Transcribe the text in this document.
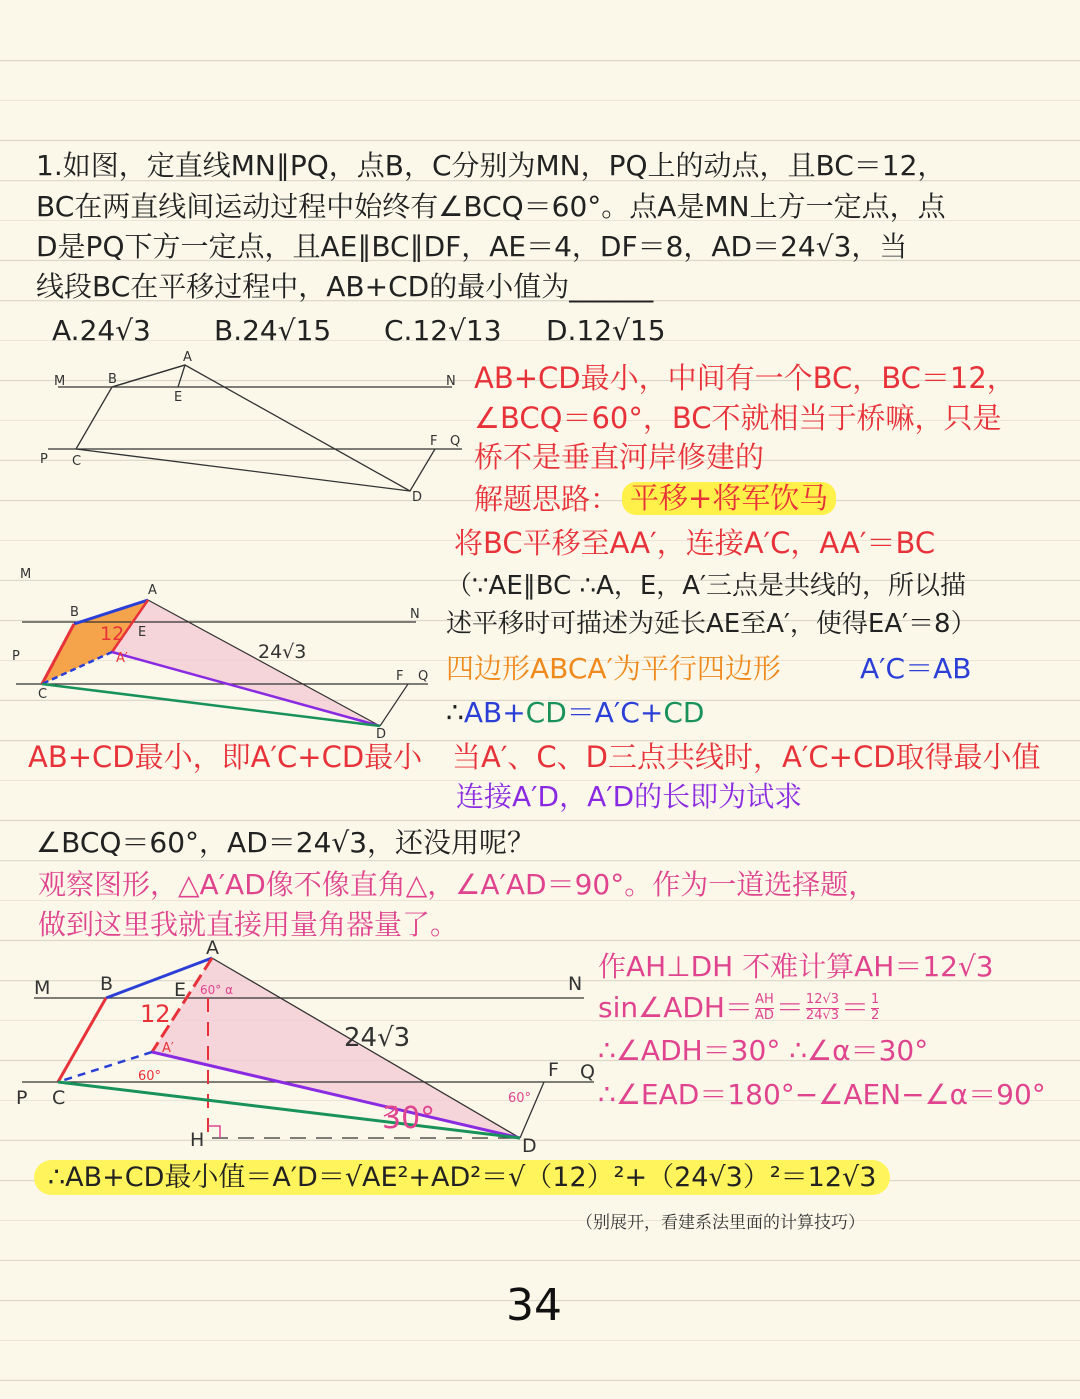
1.如图，定直线MN∥PQ，点B，C分别为MN，PQ上的动点，且BC＝12，
BC在两直线间运动过程中始终有∠BCQ＝60°。点A是MN上方一定点，点
D是PQ下方一定点，且AE∥BC∥DF，AE＝4，DF＝8，AD＝24√3，当
线段BC在平移过程中，AB+CD的最小值为______
A.24√3 B.24√15 C.12√13 D.12√15
M	B
A
E
N
P C
F Q
D
AB+CD最小，中间有一个BC，BC＝12，
∠BCQ＝60°，BC不就相当于桥嘛，只是
桥不是垂直河岸修建的
解题思路： 平移+将军饮马
将BC平移至AA′，连接A′C，AA′＝BC
（∵AE∥BC ∴A，E，A′三点是共线的，所以描
述平移时可描述为延长AE至A′，使得EA′＝8）
四边形ABCA′为平行四边形	A′C＝AB
∴AB+CD＝A′C+CD
AB+CD最小，即A′C+CD最小 当A′、C、D三点共线时，A′C+CD取得最小值
连接A′D，A′D的长即为试求
M
B
A
E
N
P
C
A′
F Q
D
12
24√3
∠BCQ＝60°，AD＝24√3，还没用呢？
观察图形，△A′AD像不像直角△，∠A′AD＝90°。作为一道选择题，
做到这里我就直接用量角器量了。
M	B
A
E	N
P C
A′
F Q
D
H
12
24√3
60°
60° α
60°
30°
作AH⊥DH 不难计算AH＝12√3
sin∠ADH＝ AH
AD ＝ 12√3
24√3 ＝ 1
2
∴∠ADH＝30° ∴∠α＝30°
∴∠EAD＝180°−∠AEN−∠α＝90°
∴AB+CD最小值＝A′D＝√AE²+AD²＝√（12）²+（24√3）²＝12√3
（别展开，看建系法里面的计算技巧）
34
